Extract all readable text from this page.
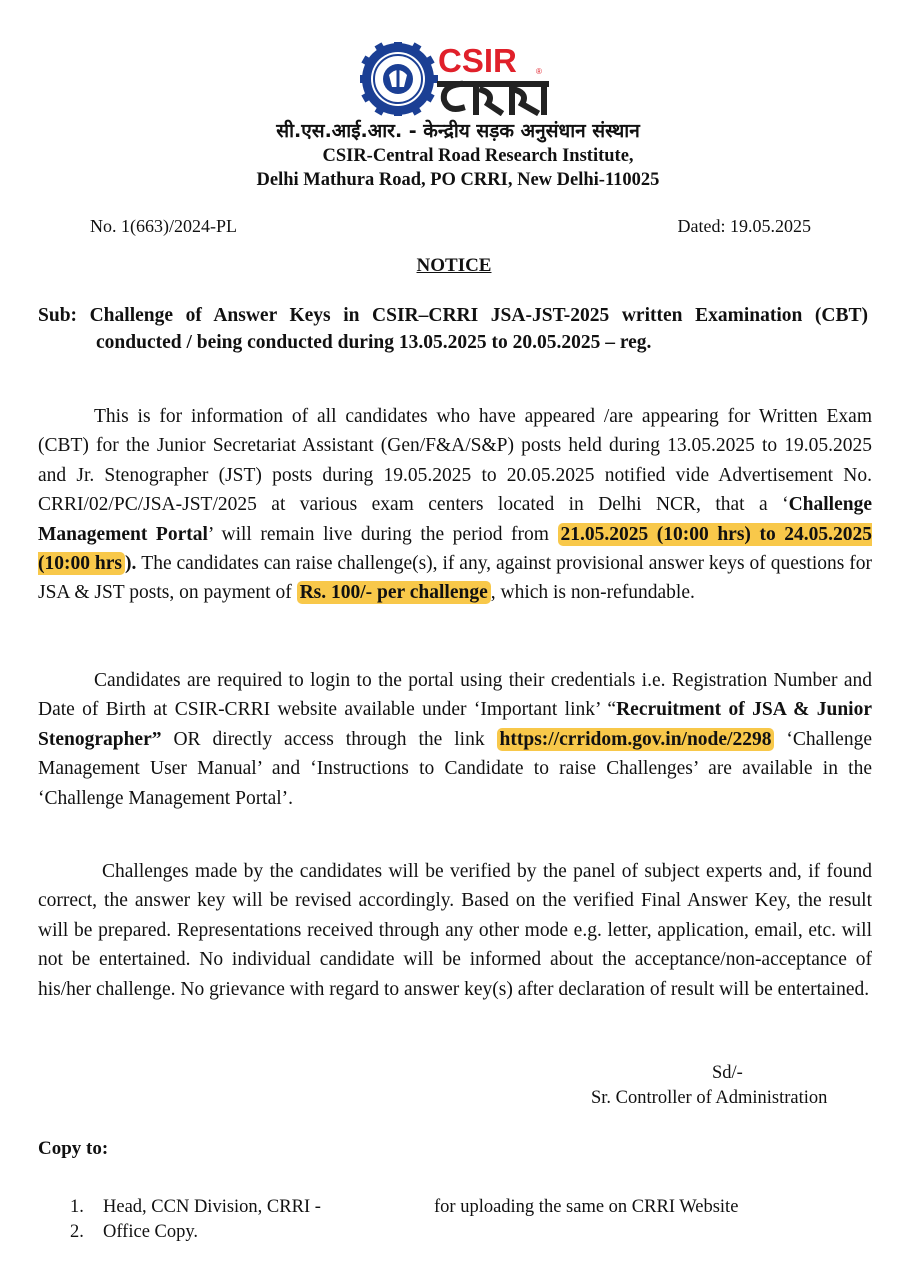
CSIR ®
सी.एस.आई.आर. - केन्द्रीय सड़क अनुसंधान संस्थान
CSIR-Central Road Research Institute,
Delhi Mathura Road, PO CRRI, New Delhi-110025
No. 1(663)/2024-PL	Dated: 19.05.2025
NOTICE
Sub: Challenge of Answer Keys in CSIR–CRRI JSA-JST-2025 written Examination (CBT) conducted / being conducted during 13.05.2025 to 20.05.2025 – reg.
This is for information of all candidates who have appeared /are appearing for Written Exam (CBT) for the Junior Secretariat Assistant (Gen/F&A/S&P) posts held during 13.05.2025 to 19.05.2025 and Jr. Stenographer (JST) posts during 19.05.2025 to 20.05.2025 notified vide Advertisement No. CRRI/02/PC/JSA-JST/2025 at various exam centers located in Delhi NCR, that a ‘Challenge Management Portal’ will remain live during the period from 21.05.2025 (10:00 hrs) to 24.05.2025 (10:00 hrs ). The candidates can raise challenge(s), if any, against provisional answer keys of questions for JSA & JST posts, on payment of Rs. 100/- per challenge , which is non-refundable.
Candidates are required to login to the portal using their credentials i.e. Registration Number and Date of Birth at CSIR-CRRI website available under ‘Important link’ “Recruitment of JSA & Junior Stenographer” OR directly access through the link https://crridom.gov.in/node/2298 ‘Challenge Management User Manual’ and ‘Instructions to Candidate to raise Challenges’ are available in the ‘Challenge Management Portal’.
Challenges made by the candidates will be verified by the panel of subject experts and, if found correct, the answer key will be revised accordingly. Based on the verified Final Answer Key, the result will be prepared. Representations received through any other mode e.g. letter, application, email, etc. will not be entertained. No individual candidate will be informed about the acceptance/non-acceptance of his/her challenge. No grievance with regard to answer key(s) after declaration of result will be entertained.
Sd/-
Sr. Controller of Administration
Copy to:
1. Head, CCN Division, CRRI -	for uploading the same on CRRI Website
2. Office Copy.
